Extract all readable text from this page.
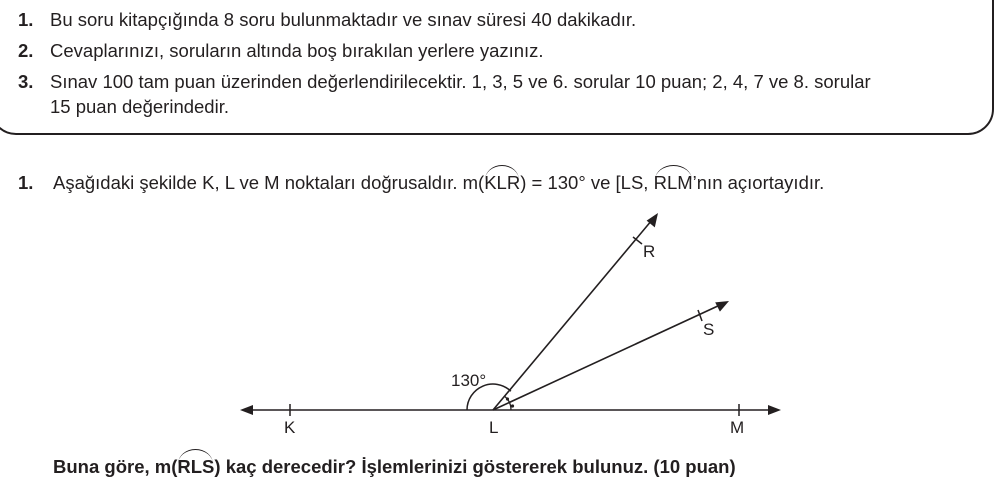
1. Bu soru kitapçığında 8 soru bulunmaktadır ve sınav süresi 40 dakikadır.
2. Cevaplarınızı, soruların altında boş bırakılan yerlere yazınız.
3. Sınav 100 tam puan üzerinden değerlendirilecektir. 1, 3, 5 ve 6. sorular 10 puan; 2, 4, 7 ve 8. sorular
15 puan değerindedir.
1. Aşağıdaki şekilde K, L ve M noktaları doğrusaldır. m(KLR) = 130° ve [LS, RLM’nın açıortayıdır.
130°
K	L	M
R
S
Buna göre, m(RLS) kaç derecedir? İşlemlerinizi göstererek bulunuz. (10 puan)
